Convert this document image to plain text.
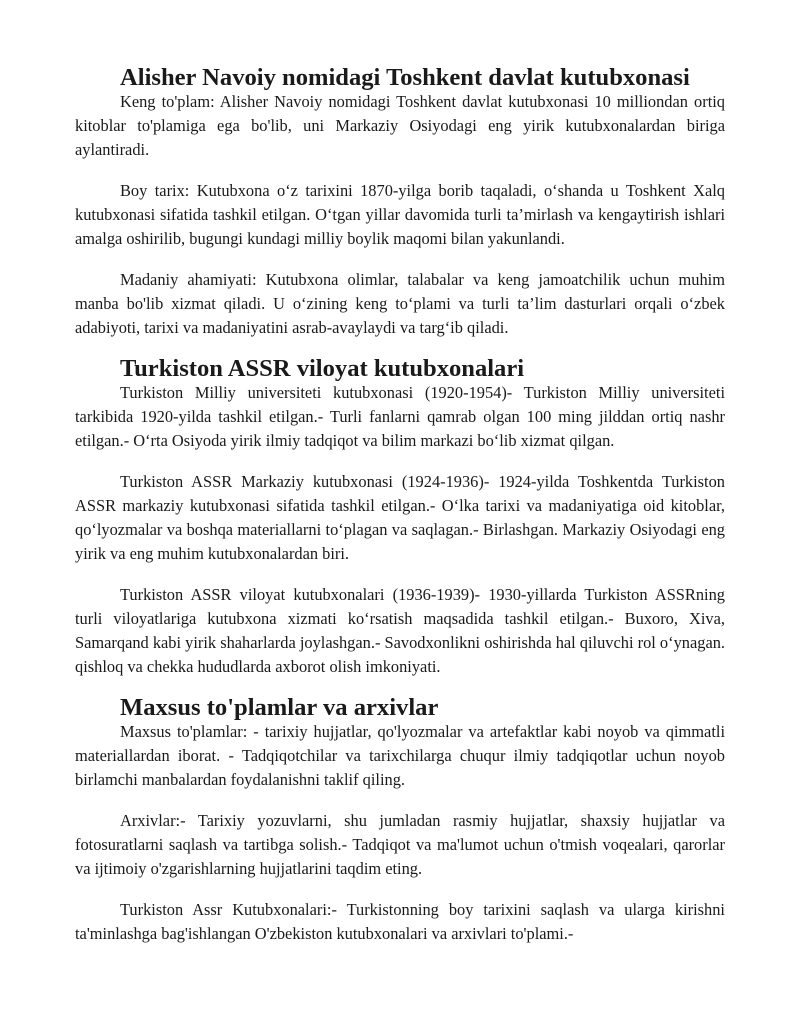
Alisher Navoiy nomidagi Toshkent davlat kutubxonasi

Keng to'plam: Alisher Navoiy nomidagi Toshkent davlat kutubxonasi 10 milliondan ortiq kitoblar to'plamiga ega bo'lib, uni Markaziy Osiyodagi eng yirik kutubxonalardan biriga aylantiradi.

Boy tarix: Kutubxona o‘z tarixini 1870-yilga borib taqaladi, o‘shanda u Toshkent Xalq kutubxonasi sifatida tashkil etilgan. O‘tgan yillar davomida turli ta’mirlash va kengaytirish ishlari amalga oshirilib, bugungi kundagi milliy boylik maqomi bilan yakunlandi.

Madaniy ahamiyati: Kutubxona olimlar, talabalar va keng jamoatchilik uchun muhim manba bo'lib xizmat qiladi. U o‘zining keng to‘plami va turli ta’lim dasturlari orqali o‘zbek adabiyoti, tarixi va madaniyatini asrab-avaylaydi va targ‘ib qiladi.

Turkiston ASSR viloyat kutubxonalari

Turkiston Milliy universiteti kutubxonasi (1920-1954)- Turkiston Milliy universiteti tarkibida 1920-yilda tashkil etilgan.- Turli fanlarni qamrab olgan 100 ming jilddan ortiq nashr etilgan.- O‘rta Osiyoda yirik ilmiy tadqiqot va bilim markazi bo‘lib xizmat qilgan.

Turkiston ASSR Markaziy kutubxonasi (1924-1936)- 1924-yilda Toshkentda Turkiston ASSR markaziy kutubxonasi sifatida tashkil etilgan.- O‘lka tarixi va madaniyatiga oid kitoblar, qo‘lyozmalar va boshqa materiallarni to‘plagan va saqlagan.- Birlashgan. Markaziy Osiyodagi eng yirik va eng muhim kutubxonalardan biri.

Turkiston ASSR viloyat kutubxonalari (1936-1939)- 1930-yillarda Turkiston ASSRning turli viloyatlariga kutubxona xizmati ko‘rsatish maqsadida tashkil etilgan.- Buxoro, Xiva, Samarqand kabi yirik shaharlarda joylashgan.- Savodxonlikni oshirishda hal qiluvchi rol o‘ynagan. qishloq va chekka hududlarda axborot olish imkoniyati.

Maxsus to'plamlar va arxivlar

Maxsus to'plamlar: - tarixiy hujjatlar, qo'lyozmalar va artefaktlar kabi noyob va qimmatli materiallardan iborat. - Tadqiqotchilar va tarixchilarga chuqur ilmiy tadqiqotlar uchun noyob birlamchi manbalardan foydalanishni taklif qiling.

Arxivlar:- Tarixiy yozuvlarni, shu jumladan rasmiy hujjatlar, shaxsiy hujjatlar va fotosuratlarni saqlash va tartibga solish.- Tadqiqot va ma'lumot uchun o'tmish voqealari, qarorlar va ijtimoiy o'zgarishlarning hujjatlarini taqdim eting.

Turkiston Assr Kutubxonalari:- Turkistonning boy tarixini saqlash va ularga kirishni ta'minlashga bag'ishlangan O'zbekiston kutubxonalari va arxivlari to'plami.-
